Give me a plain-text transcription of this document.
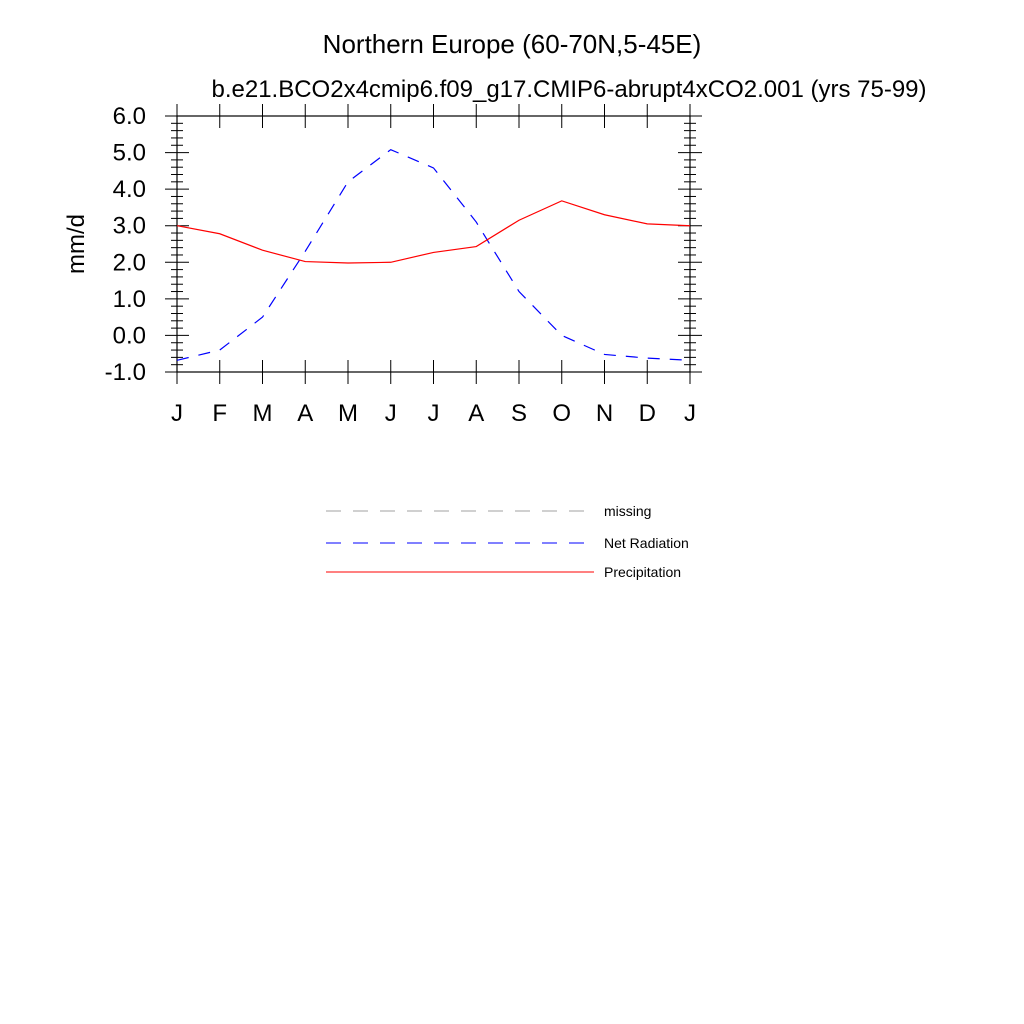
Northern Europe (60-70N,5-45E)
b.e21.BCO2x4cmip6.f09_g17.CMIP6-abrupt4xCO2.001 (yrs 75-99)
mm/d
-1.0
0.0
1.0
2.0
3.0
4.0
5.0
6.0
J F M A M J J A S O N D J
missing
Net Radiation
Precipitation
